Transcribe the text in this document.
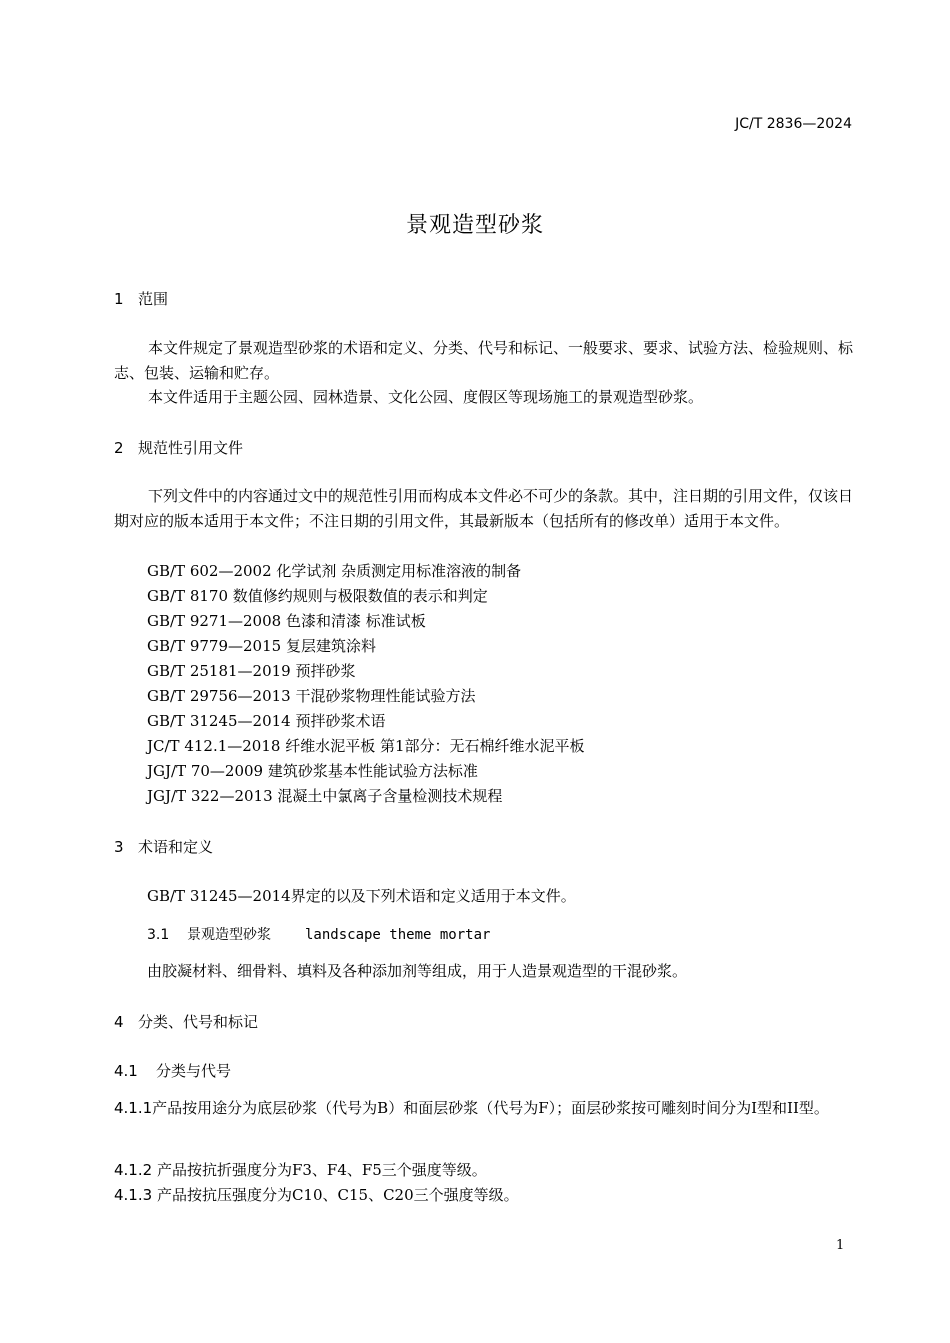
JC/T 2836—2024
景观造型砂浆
1 范围
本文件规定了景观造型砂浆的术语和定义、分类、代号和标记、一般要求、要求、试验方法、检验规则、标志、包装、运输和贮存。
本文件适用于主题公园、园林造景、文化公园、度假区等现场施工的景观造型砂浆。
2 规范性引用文件
下列文件中的内容通过文中的规范性引用而构成本文件必不可少的条款。其中，注日期的引用文件，仅该日期对应的版本适用于本文件；不注日期的引用文件，其最新版本（包括所有的修改单）适用于本文件。
GB/T 602—2002 化学试剂 杂质测定用标准溶液的制备
GB/T 8170 数值修约规则与极限数值的表示和判定
GB/T 9271—2008 色漆和清漆 标准试板
GB/T 9779—2015 复层建筑涂料
GB/T 25181—2019 预拌砂浆
GB/T 29756—2013 干混砂浆物理性能试验方法
GB/T 31245—2014 预拌砂浆术语
JC/T 412.1—2018 纤维水泥平板 第1部分：无石棉纤维水泥平板
JGJ/T 70—2009 建筑砂浆基本性能试验方法标准
JGJ/T 322—2013 混凝土中氯离子含量检测技术规程
3 术语和定义
GB/T 31245—2014界定的以及下列术语和定义适用于本文件。
3.1 景观造型砂浆 landscape theme mortar
由胶凝材料、细骨料、填料及各种添加剂等组成，用于人造景观造型的干混砂浆。
4 分类、代号和标记
4.1 分类与代号
4.1.1产品按用途分为底层砂浆（代号为B）和面层砂浆（代号为F）；面层砂浆按可雕刻时间分为I型和II型。
4.1.2 产品按抗折强度分为F3、F4、F5三个强度等级。
4.1.3 产品按抗压强度分为C10、C15、C20三个强度等级。
1
